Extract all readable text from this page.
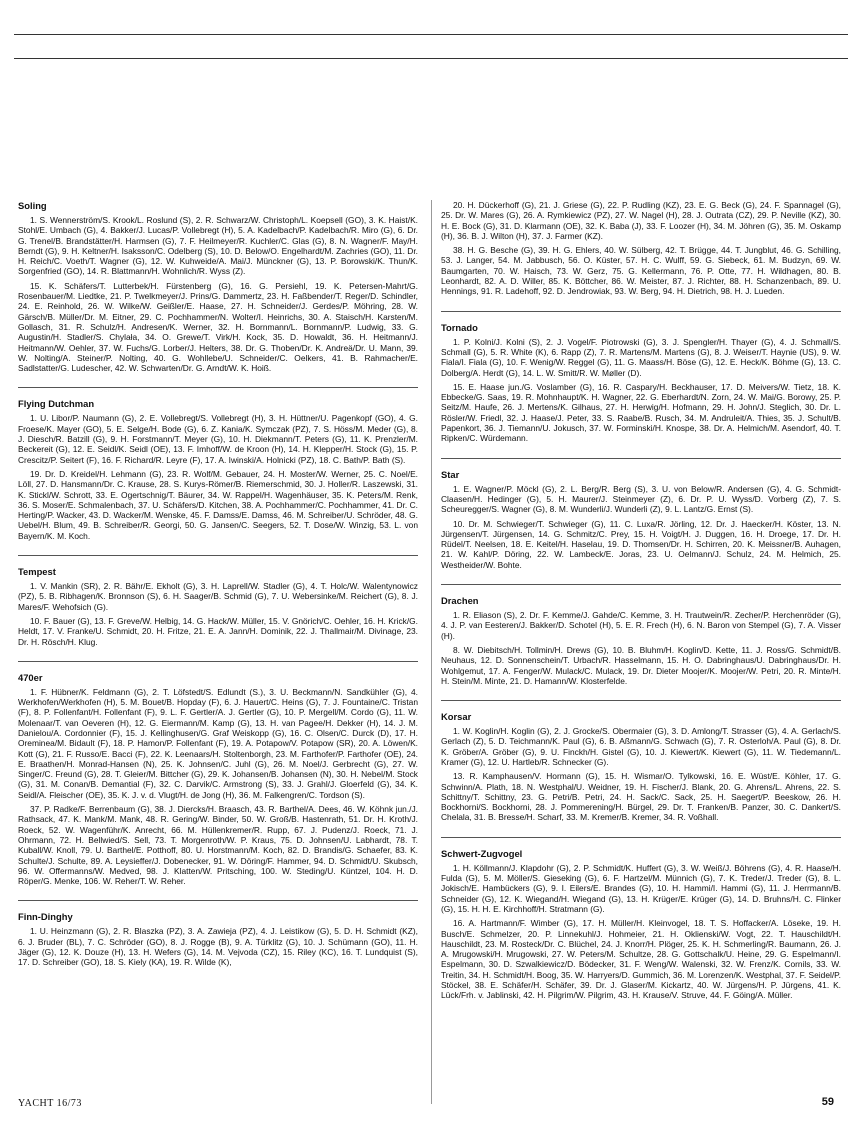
Soling

1. S. Wennerström/S. Krook/L. Roslund (S), 2. R. Schwarz/W. Christoph/L. Koepsell (GO), 3. K. Haist/K. Stohl/E. Umbach (G), 4. Bakker/J. Lucas/P. Vollebregt (H), 5. A. Kadelbach/P. Kadelbach/R. Miro (G), 6. Dr. G. Trenel/B. Brandstätter/H. Harmsen (G), 7. F. Heilmeyer/R. Kuchler/C. Glas (G), 8. N. Wagner/F. May/H. Berndt (G), 9. H. Keltner/H. Isaksson/C. Odelberg (S), 10. D. Below/O. Engelhardt/M. Zachries (GO), 11. Dr. H. Reich/C. Voeth/T. Wagner (G), 12. W. Kuhweide/A. Mai/J. Münckner (G), 13. P. Borowski/K. Thun/K. Sorgenfried (GO), 14. R. Blattmann/H. Wohnlich/R. Wyss (Z).

15. K. Schäfers/T. Lutterbek/H. Fürstenberg (G), 16. G. Persiehl, 19. K. Petersen-Mahrt/G. Rosenbauer/M. Liedtke, 21. P. Twelkmeyer/J. Prins/G. Dammertz, 23. H. Faßbender/T. Reger/D. Schindler, 24. E. Reinhold, 26. W. Wilke/W. Geißler/E. Haase, 27. H. Schneider/J. Gerdes/P. Möhring, 28. W. Gärsch/B. Müller/Dr. M. Eitner, 29. C. Pochhammer/N. Wolter/I. Heinrichs, 30. A. Staisch/H. Karsten/M. Gollasch, 31. R. Schulz/H. Andresen/K. Werner, 32. H. Bornmann/L. Bornmann/P. Ludwig, 33. G. Augustin/H. Stadler/S. Chylała, 34. O. Grewe/T. Virk/H. Kock, 35. D. Howaldt, 36. H. Heitmann/J. Heitmann/W. Oehler, 37. W. Fuchs/G. Lorber/J. Helters, 38. Dr. G. Thoben/Dr. K. Andreä/Dr. U. Mann, 39. W. Nolting/A. Steiner/P. Nolting, 40. G. Wohllebe/U. Schneider/C. Oelkers, 41. B. Rahmacher/E. Sadlstatter/G. Ludescher, 42. W. Schwarten/Dr. G. Arndt/W. K. Hoiß.

Flying Dutchman

1. U. Libor/P. Naumann (G), 2. E. Vollebregt/S. Vollebregt (H), 3. H. Hüttner/U. Pagenkopf (GO), 4. G. Froese/K. Mayer (GO), 5. E. Selge/H. Bode (G), 6. Z. Kania/K. Symczak (PZ), 7. S. Höss/M. Meder (G), 8. J. Diesch/R. Batzill (G), 9. H. Forstmann/T. Meyer (G), 10. H. Diekmann/T. Peters (G), 11. K. Prenzler/M. Beckereit (G), 12. E. Seidl/K. Seidl (OE), 13. F. Imhoff/W. de Kroon (H), 14. H. Klepper/H. Stock (G), 15. P. Crescitz/P. Seitert (F), 16. F. Richard/R. Leyre (F), 17. A. Iwinski/A. Holnicki (PZ), 18. C. Bath/P. Bath (S).

19. Dr. D. Kreidel/H. Lehmann (G), 23. R. Wolf/M. Gebauer, 24. H. Moster/W. Werner, 25. C. Noel/E. Löll, 27. D. Hansmann/Dr. C. Krause, 28. S. Kurys-Römer/B. Riemerschmid, 30. J. Holler/R. Laszewski, 31. K. Stickl/W. Schrott, 33. E. Ogertschnig/T. Bäurer, 34. W. Rappel/H. Wagenhäuser, 35. K. Peters/M. Renk, 36. S. Moser/E. Schmalenbach, 37. U. Schäfers/D. Kitchen, 38. A. Pochhammer/C. Pochhammer, 41. Dr. C. Herting/P. Wacker, 43. D. Wacker/M. Wenske, 45. F. Damss/E. Damss, 46. M. Schreiber/U. Schröder, 48. G. Uebel/H. Blum, 49. B. Schreiber/R. Georgi, 50. G. Jansen/C. Seegers, 52. T. Dose/W. Winzig, 53. L. von Bayern/K. M. Koch.

Tempest

1. V. Mankin (SR), 2. R. Bähr/E. Ekholt (G), 3. H. Laprell/W. Stadler (G), 4. T. Holc/W. Walentynowicz (PZ), 5. B. Ribhagen/K. Bronnson (S), 6. H. Saager/B. Schmid (G), 7. U. Webersinke/M. Reichert (G), 8. J. Mares/F. Wehofsich (G).

10. F. Bauer (G), 13. F. Greve/W. Helbig, 14. G. Hack/W. Müller, 15. V. Gnörich/C. Oehler, 16. H. Krick/G. Heldt, 17. V. Franke/U. Schmidt, 20. H. Fritze, 21. E. A. Jann/H. Dominik, 22. J. Thallmair/M. Divinage, 23. Dr. H. Rösch/H. Klug.

470er

1. F. Hübner/K. Feldmann (G), 2. T. Löfstedt/S. Edlundt (S.), 3. U. Beckmann/N. Sandkühler (G), 4. Werkhofen/Werkhofen (H), 5. M. Bouet/B. Hopday (F), 6. J. Hauert/C. Heins (G), 7. J. Fountaine/C. Tristan (F), 8. P. Follenfant/H. Follenfant (F), 9. L. F. Gertler/A. J. Gertler (G), 10. P. Mergell/M. Cordo (G), 11. W. Molenaar/T. van Oeveren (H), 12. G. Eiermann/M. Kamp (G), 13. H. van Pagee/H. Dekker (H), 14. J. M. Danielou/A. Cordonnier (F), 15. J. Kellinghusen/G. Graf Weiskopp (G), 16. C. Olsen/C. Durck (D), 17. H. Oreminea/M. Bidault (F), 18. P. Hamon/P. Follenfant (F), 19. A. Potapow/V. Potapow (SR), 20. A. Löwen/K. Kott (G), 21. F. Russo/E. Bacci (F), 22. K. Leenaars/H. Stoltenborgh, 23. M. Farthofer/P. Farthofer (OE), 24. E. Braathen/H. Monrad-Hansen (N), 25. K. Johnsen/C. Juhl (G), 26. M. Noel/J. Gerbrecht (G), 27. W. Singer/C. Freund (G), 28. T. Gleier/M. Bittcher (G), 29. K. Johansen/B. Johansen (N), 30. H. Nebel/M. Stock (G), 31. M. Conan/B. Demantial (F), 32. C. Darvik/C. Armstrong (S), 33. J. Grahl/J. Gloerfeld (G), 34. K. Seidl/A. Fleischer (OE), 35. K. J. v. d. Vlugt/H. de Jong (H), 36. M. Falkengren/C. Tordson (S).

37. P. Radke/F. Berrenbaum (G), 38. J. Diercks/H. Braasch, 43. R. Barthel/A. Dees, 46. W. Köhnk jun./J. Rathsack, 47. K. Mank/M. Mank, 48. R. Gering/W. Binder, 50. W. Groß/B. Hastenrath, 51. Dr. H. Kroth/J. Roeck, 52. W. Wagenführ/K. Anrecht, 66. M. Hüllenkremer/R. Rupp, 67. J. Pudenz/J. Roeck, 71. J. Ohrmann, 72. H. Bellwied/S. Sell, 73. T. Morgenroth/W. P. Kraus, 75. D. Johnsen/U. Labhardt, 78. T. Kuball/W. Knoll, 79. U. Barthel/E. Potthoff, 80. U. Horstmann/M. Koch, 82. D. Brandis/G. Schaefer, 83. K. Schulte/J. Schulte, 89. A. Leysieffer/J. Dobenecker, 91. W. Döring/F. Hammer, 94. D. Schmidt/U. Skubsch, 96. W. Offermanns/W. Medved, 98. J. Klatten/W. Pritsching, 100. W. Steding/U. Küntzel, 104. H. D. Röper/G. Menke, 106. W. Reher/T. W. Reher.

Finn-Dinghy

1. U. Heinzmann (G), 2. R. Blaszka (PZ), 3. A. Zawieja (PZ), 4. J. Leistikow (G), 5. D. H. Schmidt (KZ), 6. J. Bruder (BL), 7. C. Schröder (GO), 8. J. Rogge (B), 9. A. Türklitz (G), 10. J. Schümann (GO), 11. H. Jäger (G), 12. K. Douze (H), 13. H. Wefers (G), 14. M. Vejvoda (CZ), 15. Riley (KC), 16. T. Lundquist (S), 17. D. Schreiber (GO), 18. S. Kiely (KA), 19. R. Wilde (K),

20. H. Dückerhoff (G), 21. J. Griese (G), 22. P. Rudling (KZ), 23. E. G. Beck (G), 24. F. Spannagel (G), 25. Dr. W. Mares (G), 26. A. Rymkiewicz (PZ), 27. W. Nagel (H), 28. J. Outrata (CZ), 29. P. Neville (KZ), 30. H. E. Bock (G), 31. D. Klarmann (OE), 32. K. Baba (J), 33. F. Loozer (H), 34. M. Jöhren (G), 35. M. Oskamp (H), 36. B. J. Wilton (H), 37. J. Farmer (KZ).

38. H. G. Besche (G), 39. H. G. Ehlers, 40. W. Sülberg, 42. T. Brügge, 44. T. Jungblut, 46. G. Schilling, 53. J. Langer, 54. M. Jabbusch, 56. O. Küster, 57. H. C. Wulff, 59. G. Siebeck, 61. M. Budzyn, 69. W. Baumgarten, 70. W. Haisch, 73. W. Gerz, 75. G. Kellermann, 76. P. Otte, 77. H. Wildhagen, 80. B. Leonhardt, 82. A. D. Willer, 85. K. Böttcher, 86. W. Meister, 87. J. Richter, 88. H. Schanzenbach, 89. U. Hennings, 91. R. Ladehoff, 92. D. Jendrowiak, 93. W. Berg, 94. H. Dietrich, 98. H. J. Lueden.

Tornado

1. P. Kolni/J. Kolni (S), 2. J. Vogel/F. Piotrowski (G), 3. J. Spengler/H. Thayer (G), 4. J. Schmall/S. Schmall (G), 5. R. White (K), 6. Rapp (Z), 7. R. Martens/M. Martens (G), 8. J. Weiser/T. Haynie (US), 9. W. Fiala/I. Fiala (G), 10. F. Wenig/W. Reggel (G), 11. G. Maass/H. Böse (G), 12. E. Heck/K. Böhme (G), 13. C. Dolberg/A. Herdt (G), 14. L. W. Smitt/R. W. Møller (D).

15. E. Haase jun./G. Voslamber (G), 16. R. Caspary/H. Beckhauser, 17. D. Meivers/W. Tietz, 18. K. Ebbecke/G. Saas, 19. R. Mohnhaupt/K. H. Wagner, 22. G. Eberhardt/N. Zorn, 24. W. Mai/G. Borowy, 25. P. Seitz/M. Haufe, 26. J. Mertens/K. Gilhaus, 27. H. Herwig/H. Hofmann, 29. H. John/J. Steglich, 30. Dr. L. Rösler/W. Friedl, 32. J. Haase/J. Peter, 33. S. Raabe/B. Rusch, 34. M. Andruleit/A. Thies, 35. J. Schult/B. Papenkort, 36. J. Tiemann/U. Jokusch, 37. W. Forminski/H. Knospe, 38. Dr. A. Helmich/M. Asendorf, 40. T. Ripken/C. Würdemann.

Star

1. E. Wagner/P. Möckl (G), 2. L. Berg/R. Berg (S), 3. U. von Below/R. Andersen (G), 4. G. Schmidt-Claasen/H. Hedinger (G), 5. H. Maurer/J. Steinmeyer (Z), 6. Dr. P. U. Wyss/D. Vorberg (Z), 7. S. Scheuregger/S. Wagner (G), 8. M. Wunderli/J. Wunderli (Z), 9. L. Lantz/G. Ernst (S).

10. Dr. M. Schwieger/T. Schwieger (G), 11. C. Luxa/R. Jörling, 12. Dr. J. Haecker/H. Köster, 13. N. Jürgensen/T. Jürgensen, 14. G. Schmitz/C. Prey, 15. H. Voigt/H. J. Duggen, 16. H. Droege, 17. Dr. H. Rüdel/T. Neelsen, 18. E. Keitel/H. Haselau, 19. D. Thomsen/Dr. H. Schirren, 20. K. Meissner/B. Auhagen, 21. W. Kahl/P. Döring, 22. W. Lambeck/E. Joras, 23. U. Oelmann/J. Schulz, 24. M. Helmich, 25. Westheider/W. Bohte.

Drachen

1. R. Eliason (S), 2. Dr. F. Kemme/J. Gahde/C. Kemme, 3. H. Trautwein/R. Zecher/P. Herchenröder (G), 4. J. P. van Eesteren/J. Bakker/D. Schotel (H), 5. E. R. Frech (H), 6. N. Baron von Stempel (G), 7. A. Visser (H).

8. W. Diebitsch/H. Tollmin/H. Drews (G), 10. B. Bluhm/H. Koglin/D. Kette, 11. J. Ross/G. Schmidt/B. Neuhaus, 12. D. Sonnenschein/T. Urbach/R. Hasselmann, 15. H. O. Dabringhaus/U. Dabringhaus/Dr. H. Wohlgemut, 17. A. Fenger/W. Mulack/C. Mulack, 19. Dr. Dieter Moojer/K. Moojer/W. Petri, 20. R. Minte/H. H. Stein/M. Minte, 21. D. Hamann/W. Klosterfelde.

Korsar

1. W. Koglin/H. Koglin (G), 2. J. Grocke/S. Obermaier (G), 3. D. Amlong/T. Strasser (G), 4. A. Gerlach/S. Gerlach (Z), 5. D. Teichmann/K. Paul (G), 6. B. Aßmann/G. Schwach (G), 7. R. Osterloh/A. Paul (G), 8. Dr. K. Gröber/A. Gröber (G), 9. U. Finckh/H. Gistel (G), 10. J. Kiewert/K. Kiewert (G), 11. W. Tiedemann/L. Kramer (G), 12. U. Hartleb/R. Schnecker (G).

13. R. Kamphausen/V. Hormann (G), 15. H. Wismar/O. Tylkowski, 16. E. Wüst/E. Köhler, 17. G. Schwinn/A. Plath, 18. N. Westphal/U. Weidner, 19. H. Fischer/J. Blank, 20. G. Ahrens/L. Ahrens, 22. S. Schittny/T. Schittny, 23. G. Petri/B. Petri, 24. H. Sack/C. Sack, 25. H. Saegert/P. Beeskow, 26. H. Bockhorni/S. Bockhorni, 28. J. Pommerening/H. Bürgel, 29. Dr. T. Franken/B. Panzer, 30. C. Dankert/S. Chelala, 31. B. Bresse/H. Scharf, 33. M. Kremer/B. Kremer, 34. R. Voßhall.

Schwert-Zugvogel

1. H. Köllmann/J. Klapdohr (G), 2. P. Schmidt/K. Huffert (G), 3. W. Weiß/J. Böhrens (G), 4. R. Haase/H. Fulda (G), 5. M. Möller/S. Gieseking (G), 6. F. Hartzel/M. Münnich (G), 7. K. Treder/J. Treder (G), 8. L. Jokisch/E. Hambückers (G), 9. I. Eilers/E. Brandes (G), 10. H. Hammi/I. Hammi (G), 11. J. Herrmann/B. Schneider (G), 12. K. Wiegand/H. Wiegand (G), 13. H. Krüger/E. Krüger (G), 14. D. Bruhns/H. C. Flinker (G), 15. H. H. E. Kirchhoff/H. Stratmann (G).

16. A. Hartmann/F. Wimber (G), 17. H. Müller/H. Kleinvogel, 18. T. S. Hoffacker/A. Löseke, 19. H. Busch/E. Schmelzer, 20. P. Linnekuhl/J. Hohmeier, 21. H. Oklienski/W. Vogt, 22. T. Hauschildt/H. Hauschildt, 23. M. Rosteck/Dr. C. Blüchel, 24. J. Knorr/H. Plöger, 25. K. H. Schmerling/R. Baumann, 26. J. A. Mrugowski/H. Mrugowski, 27. W. Peters/M. Schultze, 28. G. Gottschalk/U. Heine, 29. G. Espelmann/I. Espelmann, 30. D. Szwalkiewicz/D. Bödecker, 31. F. Weng/W. Walenski, 32. W. Frenz/K. Cornils, 33. W. Treitin, 34. H. Schmidt/H. Boog, 35. W. Harryers/D. Gummich, 36. M. Lorenzen/K. Westphal, 37. F. Seidel/P. Stöckel, 38. E. Schäfer/H. Schäfer, 39. Dr. J. Glaser/M. Kickartz, 40. W. Jürgens/H. P. Jürgens, 41. K. Lück/Frh. v. Jablinski, 42. H. Pilgrim/W. Pilgrim, 43. H. Krause/V. Struve, 44. F. Göing/A. Müller.

YACHT 16/73	59
